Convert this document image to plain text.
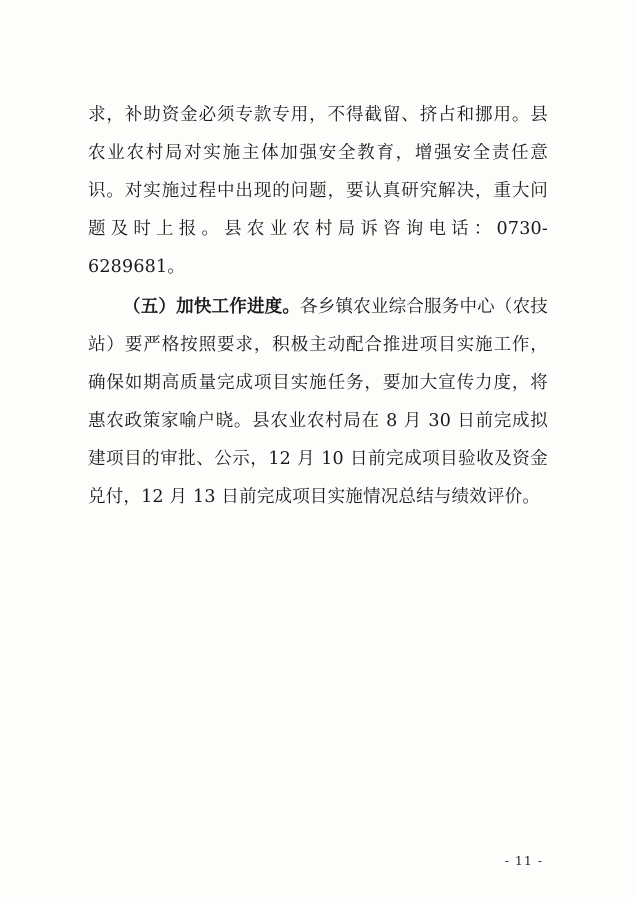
求，补助资金必须专款专用，不得截留、挤占和挪用。县农业农村局对实施主体加强安全教育，增强安全责任意识。对实施过程中出现的问题，要认真研究解决，重大问题及时上报。县农业农村局诉咨询电话：0730-6289681。

（五）加快工作进度。各乡镇农业综合服务中心（农技站）要严格按照要求，积极主动配合推进项目实施工作，确保如期高质量完成项目实施任务，要加大宣传力度，将惠农政策家喻户晓。县农业农村局在 8 月 30 日前完成拟建项目的审批、公示，12 月 10 日前完成项目验收及资金兑付，12 月 13 日前完成项目实施情况总结与绩效评价。

- 11 -
